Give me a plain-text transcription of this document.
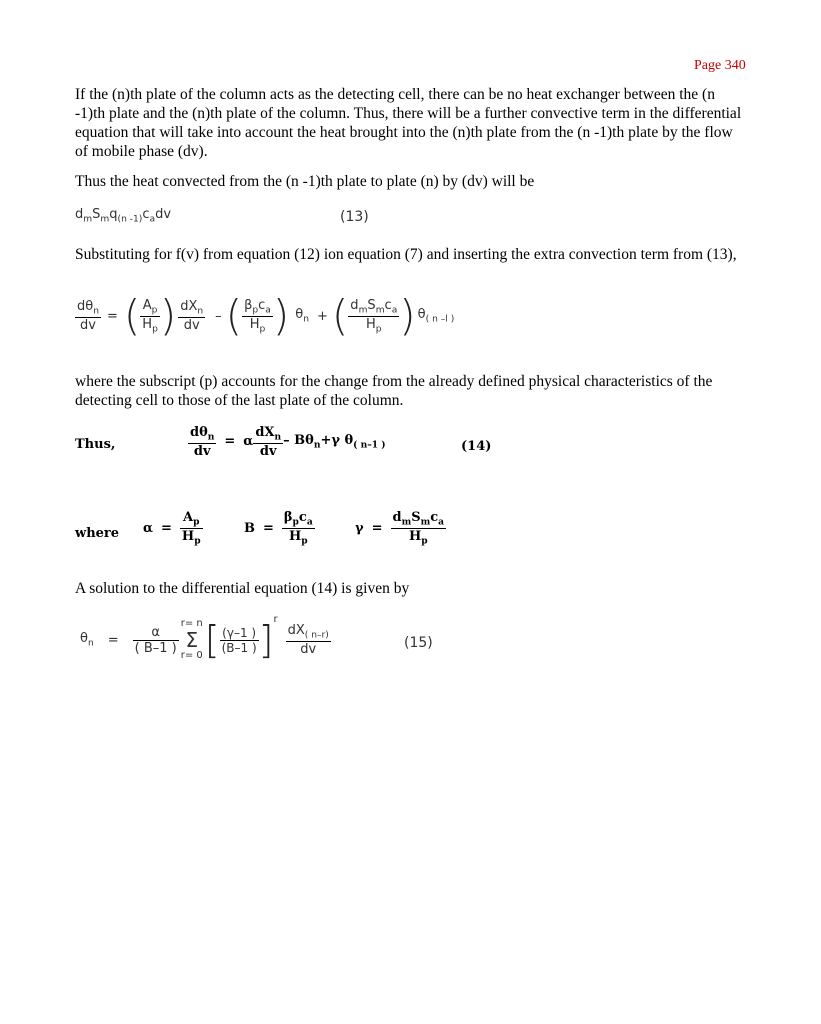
Page 340
If the (n)th plate of the column acts as the detecting cell, there can be no heat exchanger between the (n -1)th plate and the (n)th plate of the column. Thus, there will be a further convective term in the differential equation that will take into account the heat brought into the (n)th plate from the (n -1)th plate by the flow of mobile phase (dv).
Thus the heat convected from the (n -1)th plate to plate (n) by (dv) will be
$d_mS_mq_{(n -1)}c_adv$	(13)
Substituting for f(v) from equation (12) ion equation (7) and inserting the extra convection term from (13),
$\frac{d\theta_n}{dv}$ = ( $\frac{A_p}{H_p}$ ) $\frac{dX_n}{dv}$ – ( $\frac{\beta_pc_a}{H_p}$ ) $\theta_n$ + ( $\frac{d_mS_mc_a}{H_p}$ ) $\theta_{( n -l )}$
where the subscript (p) accounts for the change from the already defined physical characteristics of the detecting cell to those of the last plate of the column.
Thus,	$\frac{d\theta_n}{dv} = \alpha \frac{dX_n}{dv} - B\theta_n +\gamma$ $\theta_{( n-1 )}$	(14)
where $\alpha = \frac{A_p}{H_p}$	$B = \frac{\beta_pc_a}{H_p}$	$\gamma = \frac{d_mS_mc_a}{H_p}$
A solution to the differential equation (14) is given by
$\theta_n = \frac{\alpha}{( B-1 )}$
r= n
Σ
r= 0 [ $\frac{(\gamma-1 )}{(B-1 )}$ ] r
$\frac{dX_{( n-r)}}{dv}$	(15)
